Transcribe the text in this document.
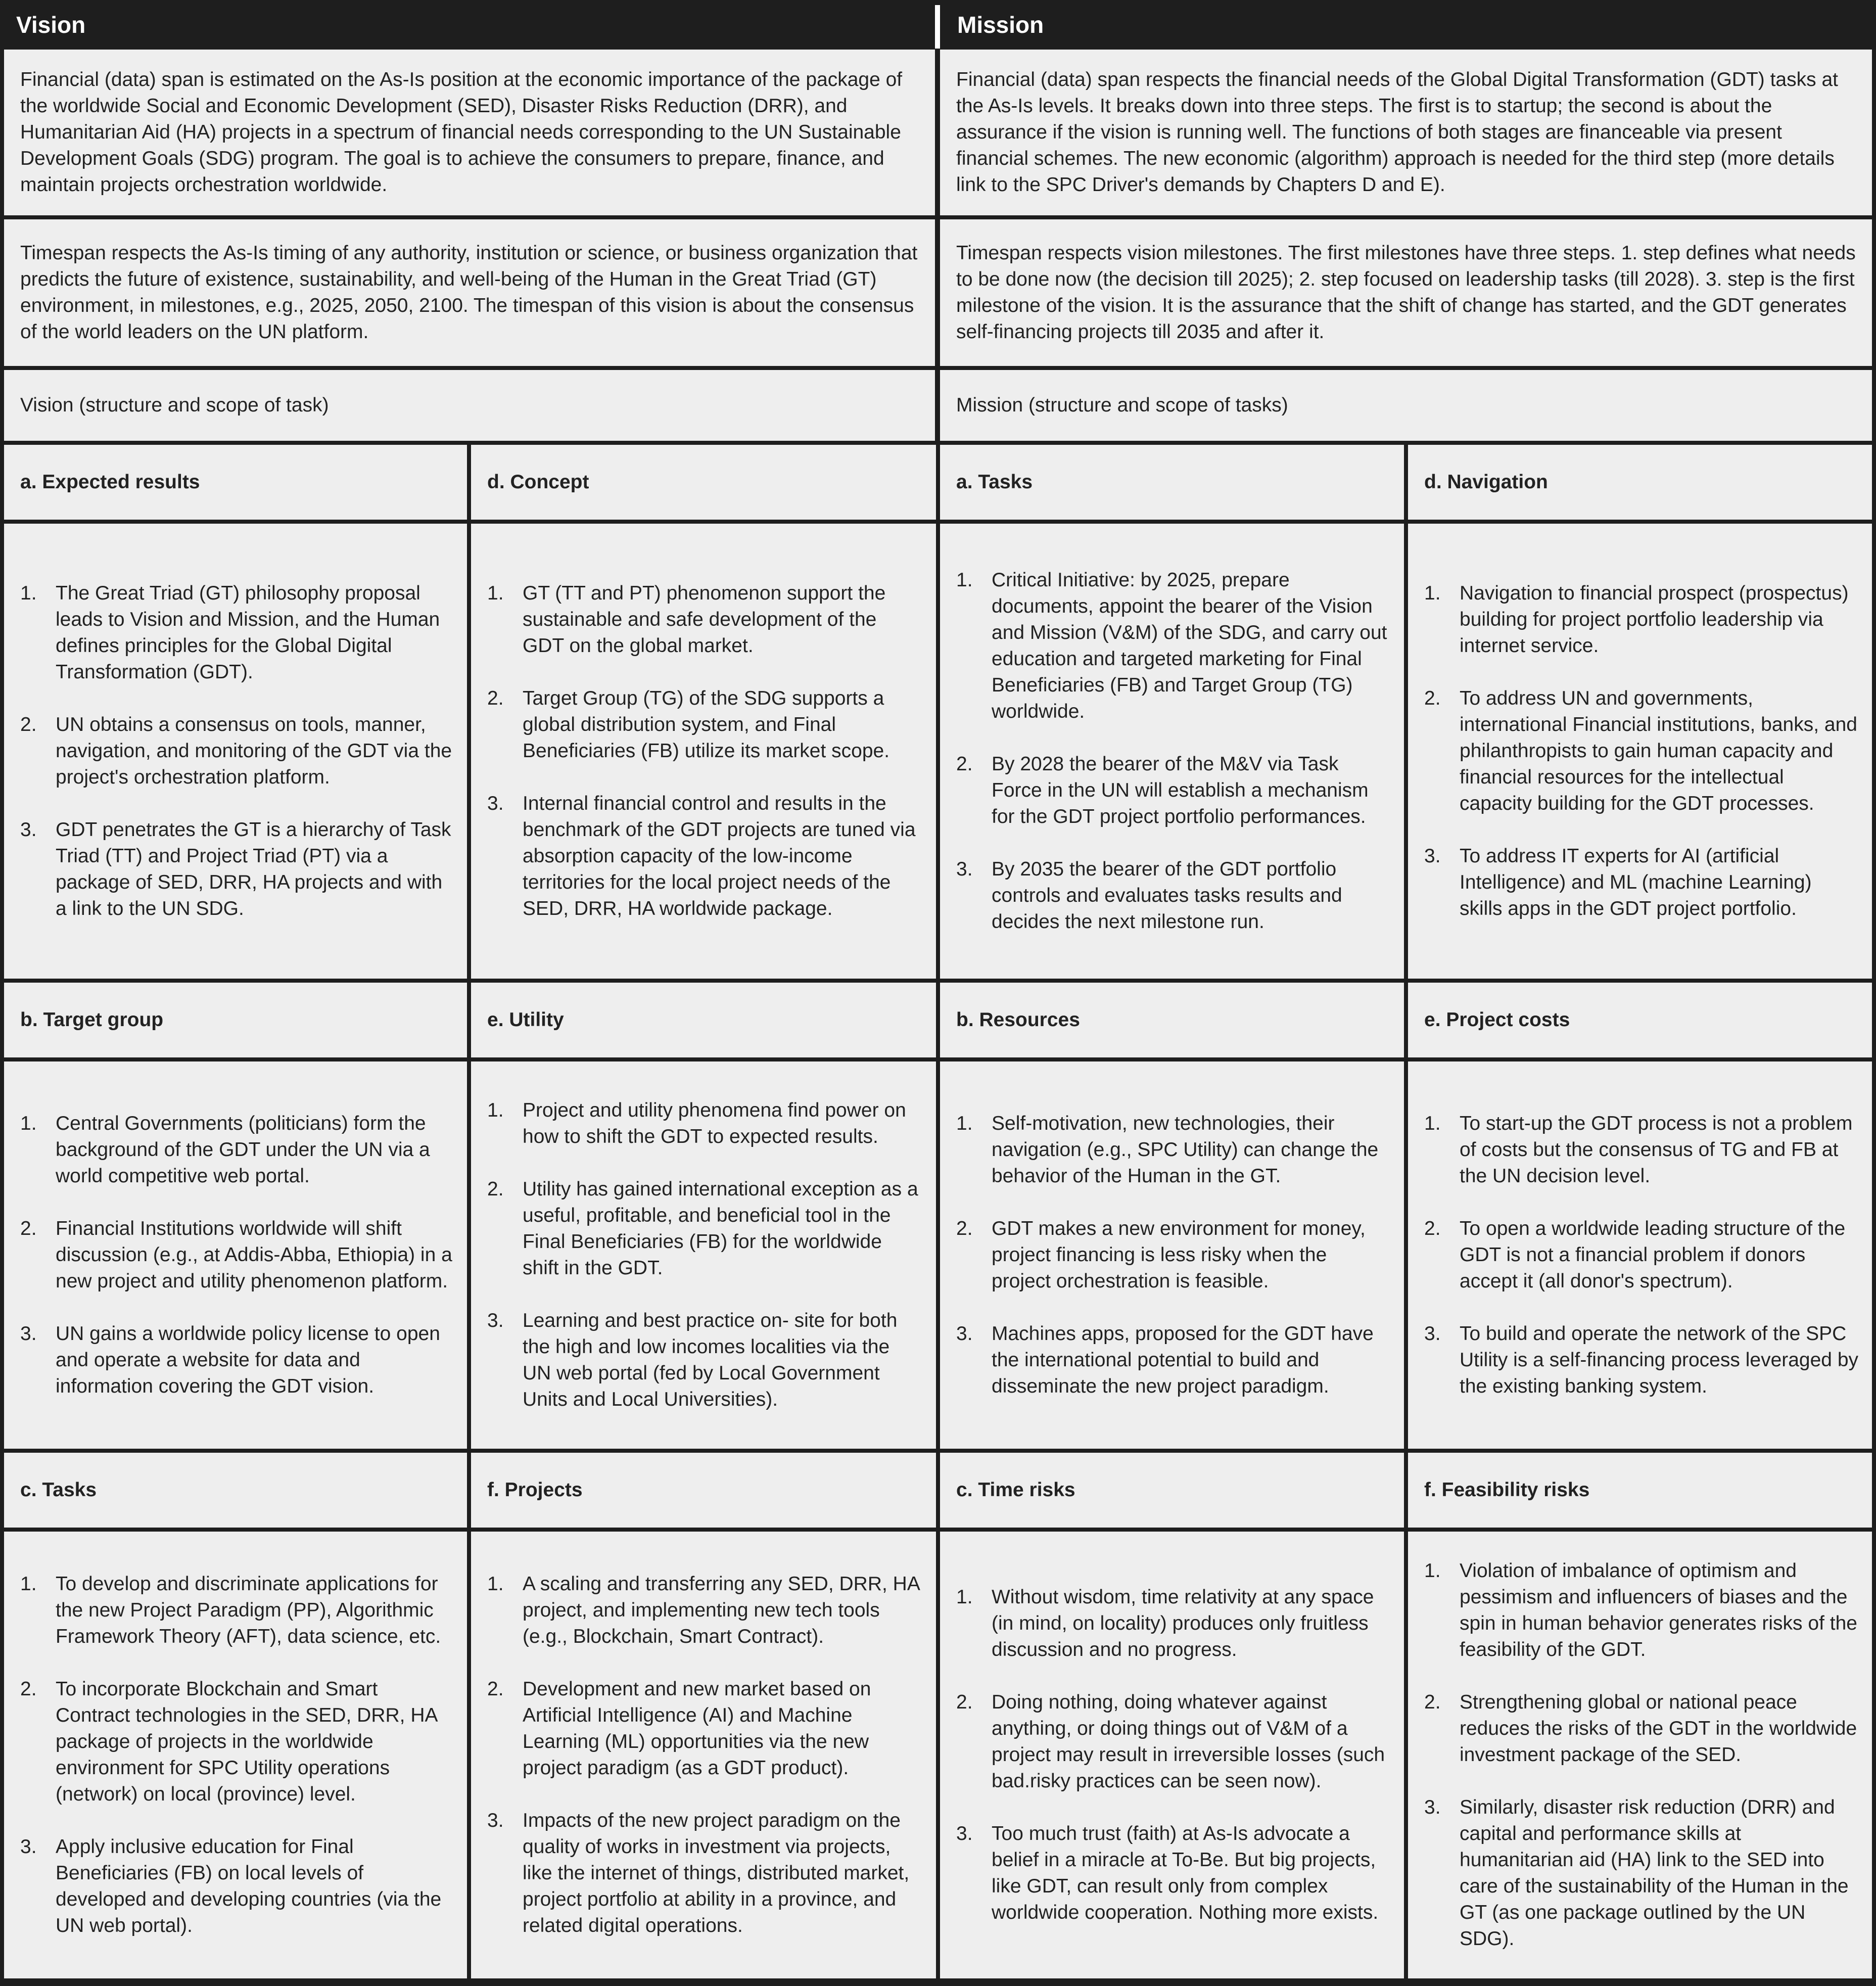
Vision	Mission

Financial (data) span is estimated on the As-Is position at the economic importance of the package of the worldwide Social and Economic Development (SED), Disaster Risks Reduction (DRR), and Humanitarian Aid (HA) projects in a spectrum of financial needs corresponding to the UN Sustainable Development Goals (SDG) program. The goal is to achieve the consumers to prepare, finance, and maintain projects orchestration worldwide.

Financial (data) span respects the financial needs of the Global Digital Transformation (GDT) tasks at the As-Is levels. It breaks down into three steps. The first is to startup; the second is about the assurance if the vision is running well. The functions of both stages are financeable via present financial schemes. The new economic (algorithm) approach is needed for the third step (more details link to the SPC Driver's demands by Chapters D and E).

Timespan respects the As-Is timing of any authority, institution or science, or business organization that predicts the future of existence, sustainability, and well-being of the Human in the Great Triad (GT) environment, in milestones, e.g., 2025, 2050, 2100. The timespan of this vision is about the consensus of the world leaders on the UN platform.

Timespan respects vision milestones. The first milestones have three steps. 1. step defines what needs to be done now (the decision till 2025); 2. step focused on leadership tasks (till 2028). 3. step is the first milestone of the vision. It is the assurance that the shift of change has started, and the GDT generates self-financing projects till 2035 and after it.

Vision (structure and scope of task)	Mission (structure and scope of tasks)

a. Expected results
1. The Great Triad (GT) philosophy proposal leads to Vision and Mission, and the Human defines principles for the Global Digital Transformation (GDT).
2. UN obtains a consensus on tools, manner, navigation, and monitoring of the GDT via the project's orchestration platform.
3. GDT penetrates the GT is a hierarchy of Task Triad (TT) and Project Triad (PT) via a package of SED, DRR, HA projects and with a link to the UN SDG.
d. Concept
1. GT (TT and PT) phenomenon support the sustainable and safe development of the GDT on the global market.
2. Target Group (TG) of the SDG supports a global distribution system, and Final Beneficiaries (FB) utilize its market scope.
3. Internal financial control and results in the benchmark of the GDT projects are tuned via absorption capacity of the low-income territories for the local project needs of the SED, DRR, HA worldwide package.
a. Tasks
1. Critical Initiative: by 2025, prepare documents, appoint the bearer of the Vision and Mission (V&M) of the SDG, and carry out education and targeted marketing for Final Beneficiaries (FB) and Target Group (TG) worldwide.
2. By 2028 the bearer of the M&V via Task Force in the UN will establish a mechanism for the GDT project portfolio performances.
3. By 2035 the bearer of the GDT portfolio controls and evaluates tasks results and decides the next milestone run.
d. Navigation
1. Navigation to financial prospect (prospectus) building for project portfolio leadership via internet service.
2. To address UN and governments, international Financial institutions, banks, and philanthropists to gain human capacity and financial resources for the intellectual capacity building for the GDT processes.
3. To address IT experts for AI (artificial Intelligence) and ML (machine Learning) skills apps in the GDT project portfolio.
b. Target group
1. Central Governments (politicians) form the background of the GDT under the UN via a world competitive web portal.
2. Financial Institutions worldwide will shift discussion (e.g., at Addis-Abba, Ethiopia) in a new project and utility phenomenon platform.
3. UN gains a worldwide policy license to open and operate a website for data and information covering the GDT vision.
e. Utility
1. Project and utility phenomena find power on how to shift the GDT to expected results.
2. Utility has gained international exception as a useful, profitable, and beneficial tool in the Final Beneficiaries (FB) for the worldwide shift in the GDT.
3. Learning and best practice on- site for both the high and low incomes localities via the UN web portal (fed by Local Government Units and Local Universities).
b. Resources
1. Self-motivation, new technologies, their navigation (e.g., SPC Utility) can change the behavior of the Human in the GT.
2. GDT makes a new environment for money, project financing is less risky when the project orchestration is feasible.
3. Machines apps, proposed for the GDT have the international potential to build and disseminate the new project paradigm.
e. Project costs
1. To start-up the GDT process is not a problem of costs but the consensus of TG and FB at the UN decision level.
2. To open a worldwide leading structure of the GDT is not a financial problem if donors accept it (all donor's spectrum).
3. To build and operate the network of the SPC Utility is a self-financing process leveraged by the existing banking system.
c. Tasks
1. To develop and discriminate applications for the new Project Paradigm (PP), Algorithmic Framework Theory (AFT), data science, etc.
2. To incorporate Blockchain and Smart Contract technologies in the SED, DRR, HA package of projects in the worldwide environment for SPC Utility operations (network) on local (province) level.
3. Apply inclusive education for Final Beneficiaries (FB) on local levels of developed and developing countries (via the UN web portal).
f. Projects
1. A scaling and transferring any SED, DRR, HA project, and implementing new tech tools (e.g., Blockchain, Smart Contract).
2. Development and new market based on Artificial Intelligence (AI) and Machine Learning (ML) opportunities via the new project paradigm (as a GDT product).
3. Impacts of the new project paradigm on the quality of works in investment via projects, like the internet of things, distributed market, project portfolio at ability in a province, and related digital operations.
c. Time risks
1. Without wisdom, time relativity at any space (in mind, on locality) produces only fruitless discussion and no progress.
2. Doing nothing, doing whatever against anything, or doing things out of V&M of a project may result in irreversible losses (such bad.risky practices can be seen now).
3. Too much trust (faith) at As-Is advocate a belief in a miracle at To-Be. But big projects, like GDT, can result only from complex worldwide cooperation. Nothing more exists.
f. Feasibility risks
1. Violation of imbalance of optimism and pessimism and influencers of biases and the spin in human behavior generates risks of the feasibility of the GDT.
2. Strengthening global or national peace reduces the risks of the GDT in the worldwide investment package of the SED.
3. Similarly, disaster risk reduction (DRR) and capital and performance skills at humanitarian aid (HA) link to the SED into care of the sustainability of the Human in the GT (as one package outlined by the UN SDG).
